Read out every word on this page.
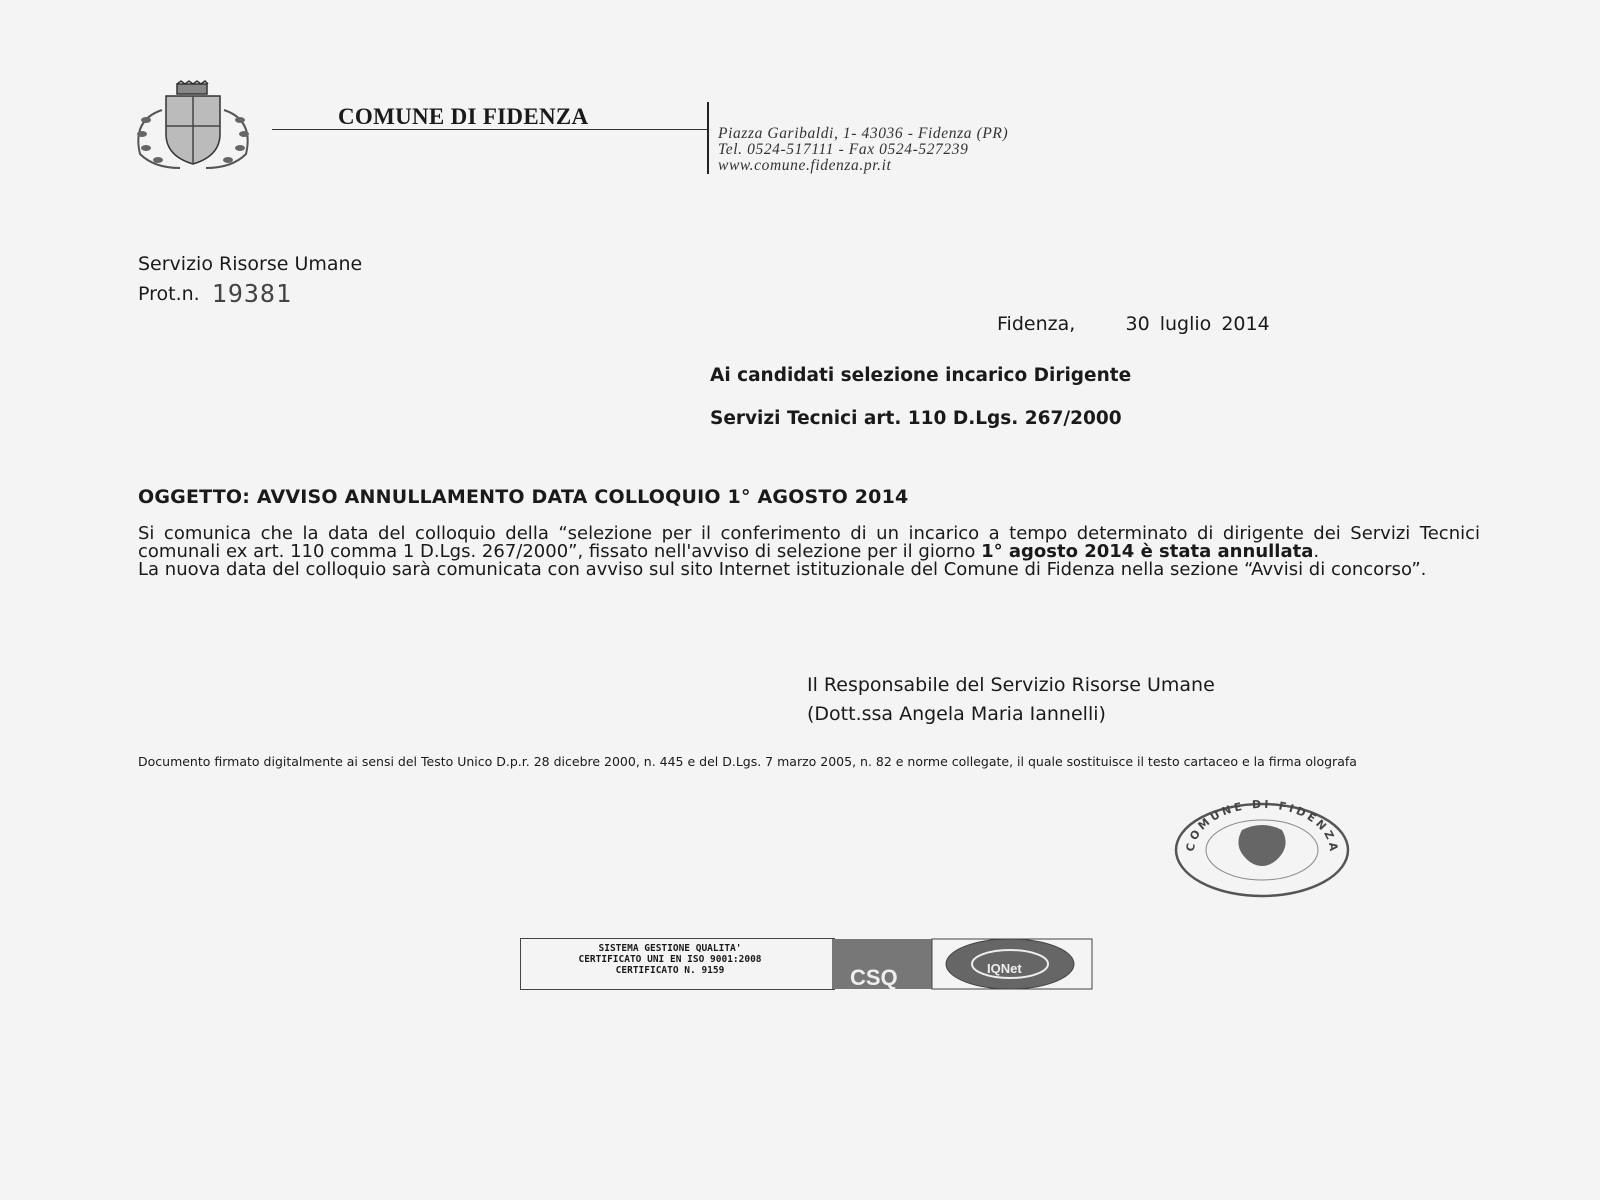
COMUNE DI FIDENZA
Piazza Garibaldi, 1- 43036 - Fidenza (PR)
Tel. 0524-517111 - Fax 0524-527239
www.comune.fidenza.pr.it
Servizio Risorse Umane
Prot.n. 19381
Fidenza,	30 luglio 2014
Ai candidati selezione incarico Dirigente
Servizi Tecnici art. 110 D.Lgs. 267/2000
OGGETTO: AVVISO ANNULLAMENTO DATA COLLOQUIO 1° AGOSTO 2014

Si comunica che la data del colloquio della “selezione per il conferimento di un incarico a tempo determinato di dirigente dei Servizi Tecnici comunali ex art. 110 comma 1 D.Lgs. 267/2000”, fissato nell'avviso di selezione per il giorno 1° agosto 2014 è stata annullata.

La nuova data del colloquio sarà comunicata con avviso sul sito Internet istituzionale del Comune di Fidenza nella sezione “Avvisi di concorso”.

Il Responsabile del Servizio Risorse Umane
(Dott.ssa Angela Maria Iannelli)
Documento firmato digitalmente ai sensi del Testo Unico D.p.r. 28 dicebre 2000, n. 445 e del D.Lgs. 7 marzo 2005, n. 82 e norme collegate, il quale sostituisce il testo cartaceo e la firma olografa
COMUNE DI FIDENZA
SISTEMA GESTIONE QUALITA'
CERTIFICATO UNI EN ISO 9001:2008
CERTIFICATO N. 9159	CSQ	IQNet
